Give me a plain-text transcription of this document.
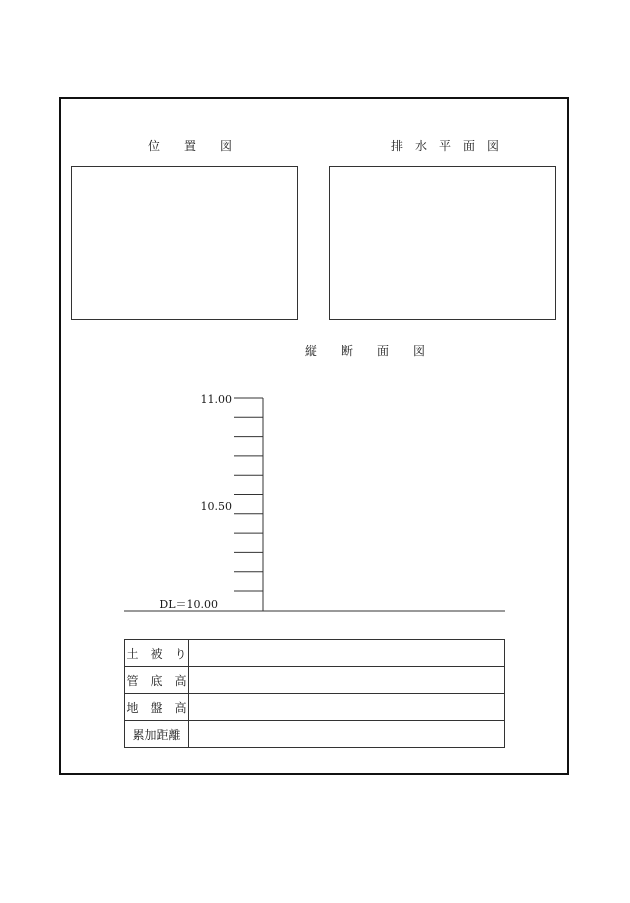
位　　置　　図	排　水　平　面　図
縦　　断　　面　　図
11.00
10.50
DL＝10.00
土　被　り	
管　底　高	
地　盤　高	
累加距離	
